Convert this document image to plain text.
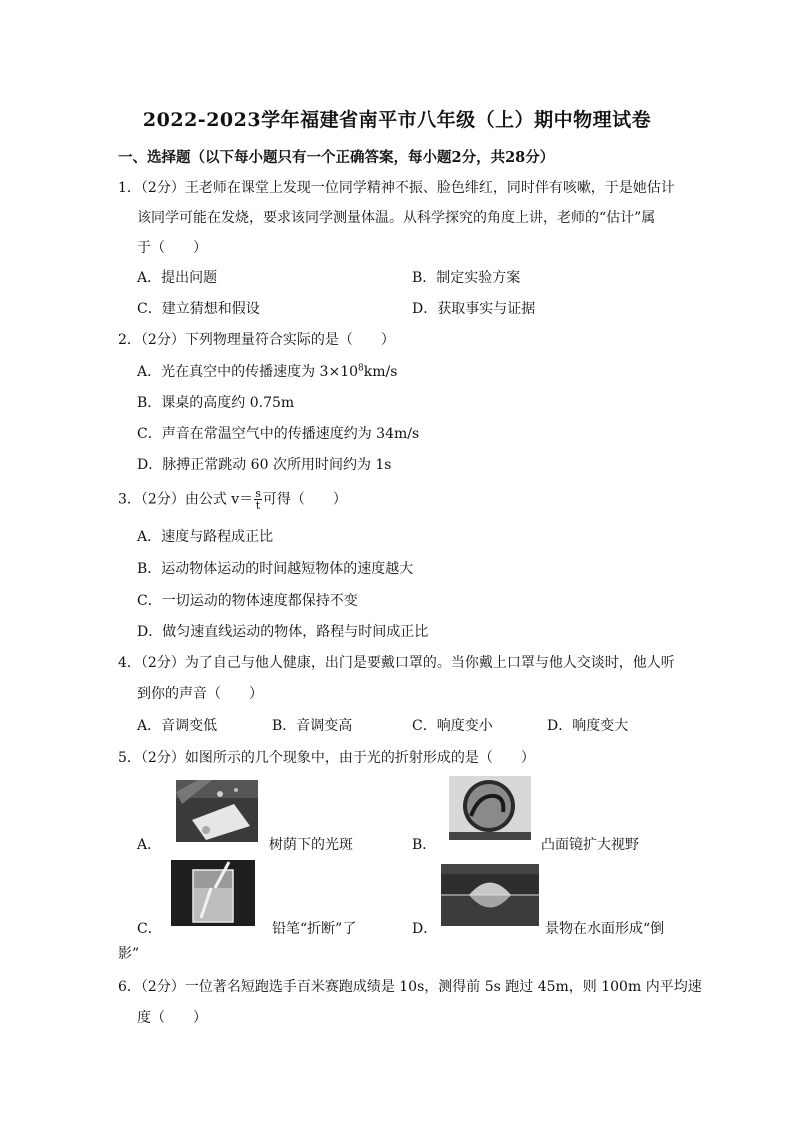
2022-2023学年福建省南平市八年级（上）期中物理试卷
一、选择题（以下每小题只有一个正确答案，每小题2分，共28分）
1．（2分）王老师在课堂上发现一位同学精神不振、脸色绯红，同时伴有咳嗽，于是她估计
该同学可能在发烧，要求该同学测量体温。从科学探究的角度上讲，老师的“估计”属
于（　　）
A．提出问题	B．制定实验方案
C．建立猜想和假设	D．获取事实与证据
2．（2分）下列物理量符合实际的是（　　）
A．光在真空中的传播速度为 $3\times 10^8km/s$
B．课桌的高度约 0.75m
C．声音在常温空气中的传播速度约为 34m/s
D．脉搏正常跳动 60 次所用时间约为 1s
3．（2分）由公式 $v= \frac{s}{t}$ 可得（　　）
A．速度与路程成正比
B．运动物体运动的时间越短物体的速度越大
C．一切运动的物体速度都保持不变
D．做匀速直线运动的物体，路程与时间成正比
4．（2分）为了自己与他人健康，出门是要戴口罩的。当你戴上口罩与他人交谈时，他人听
到你的声音（　　）
A．音调变低	B．音调变高	C．响度变小	D．响度变大
5．（2分）如图所示的几个现象中，由于光的折射形成的是（　　）
A．	树荫下的光斑	B．	凸面镜扩大视野
C．	铅笔“折断”了	D．	景物在水面形成“倒
影”
6．（2分）一位著名短跑选手百米赛跑成绩是 10s，测得前 5s 跑过 45m，则 100m 内平均速
度（　　）
